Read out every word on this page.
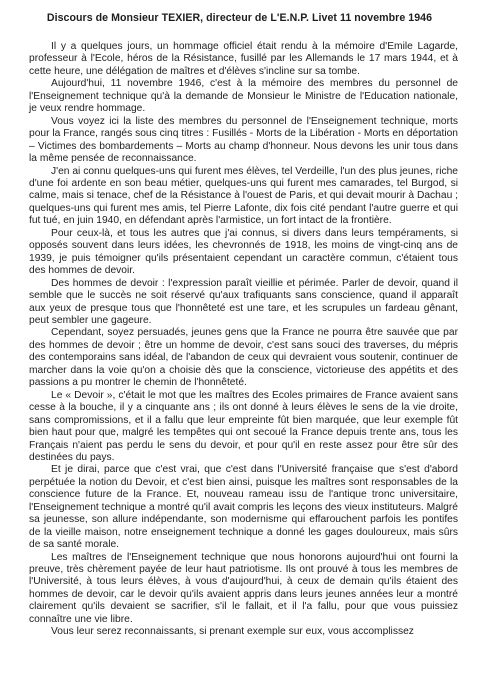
Discours de Monsieur TEXIER, directeur de L'E.N.P. Livet 11 novembre 1946

Il y a quelques jours, un hommage officiel était rendu à la mémoire d'Emile Lagarde, professeur à l'Ecole, héros de la Résistance, fusillé par les Allemands le 17 mars 1944, et à cette heure, une délégation de maîtres et d'élèves s'incline sur sa tombe.

Aujourd'hui, 11 novembre 1946, c'est à la mémoire des membres du personnel de l'Enseignement technique qu'à la demande de Monsieur le Ministre de l'Education nationale, je veux rendre hommage.

Vous voyez ici la liste des membres du personnel de l'Enseignement technique, morts pour la France, rangés sous cinq titres : Fusillés - Morts de la Libération - Morts en déportation – Victimes des bombardements – Morts au champ d'honneur. Nous devons les unir tous dans la même pensée de reconnaissance.

J'en ai connu quelques-uns qui furent mes élèves, tel Verdeille, l'un des plus jeunes, riche d'une foi ardente en son beau métier, quelques-uns qui furent mes camarades, tel Burgod, si calme, mais si tenace, chef de la Résistance à l'ouest de Paris, et qui devait mourir à Dachau ; quelques-uns qui furent mes amis, tel Pierre Lafonte, dix fois cité pendant l'autre guerre et qui fut tué, en juin 1940, en défendant après l'armistice, un fort intact de la frontière.

Pour ceux-là, et tous les autres que j'ai connus, si divers dans leurs tempéraments, si opposés souvent dans leurs idées, les chevronnés de 1918, les moins de vingt-cinq ans de 1939, je puis témoigner qu'ils présentaient cependant un caractère commun, c'étaient tous des hommes de devoir.

Des hommes de devoir : l'expression paraît vieillie et périmée. Parler de devoir, quand il semble que le succès ne soit réservé qu'aux trafiquants sans conscience, quand il apparaît aux yeux de presque tous que l'honnêteté est une tare, et les scrupules un fardeau gênant, peut sembler une gageure.

Cependant, soyez persuadés, jeunes gens que la France ne pourra être sauvée que par des hommes de devoir ; être un homme de devoir, c'est sans souci des traverses, du mépris des contemporains sans idéal, de l'abandon de ceux qui devraient vous soutenir, continuer de marcher dans la voie qu'on a choisie dès que la conscience, victorieuse des appétits et des passions a pu montrer le chemin de l'honnêteté.

Le « Devoir », c'était le mot que les maîtres des Ecoles primaires de France avaient sans cesse à la bouche, il y a cinquante ans ; ils ont donné à leurs élèves le sens de la vie droite, sans compromissions, et il a fallu que leur empreinte fût bien marquée, que leur exemple fût bien haut pour que, malgré les tempêtes qui ont secoué la France depuis trente ans, tous les Français n'aient pas perdu le sens du devoir, et pour qu'il en reste assez pour être sûr des destinées du pays.

Et je dirai, parce que c'est vrai, que c'est dans l'Université française que s'est d'abord perpétuée la notion du Devoir, et c'est bien ainsi, puisque les maîtres sont responsables de la conscience future de la France. Et, nouveau rameau issu de l'antique tronc universitaire, l'Enseignement technique a montré qu'il avait compris les leçons des vieux instituteurs. Malgré sa jeunesse, son allure indépendante, son modernisme qui effarouchent parfois les pontifes de la vieille maison, notre enseignement technique a donné les gages douloureux, mais sûrs de sa santé morale.

Les maîtres de l'Enseignement technique que nous honorons aujourd'hui ont fourni la preuve, très chèrement payée de leur haut patriotisme. Ils ont prouvé à tous les membres de l'Université, à tous leurs élèves, à vous d'aujourd'hui, à ceux de demain qu'ils étaient des hommes de devoir, car le devoir qu'ils avaient appris dans leurs jeunes années leur a montré clairement qu'ils devaient se sacrifier, s'il le fallait, et il l'a fallu, pour que vous puissiez connaître une vie libre.

Vous leur serez reconnaissants, si prenant exemple sur eux, vous accomplissez
